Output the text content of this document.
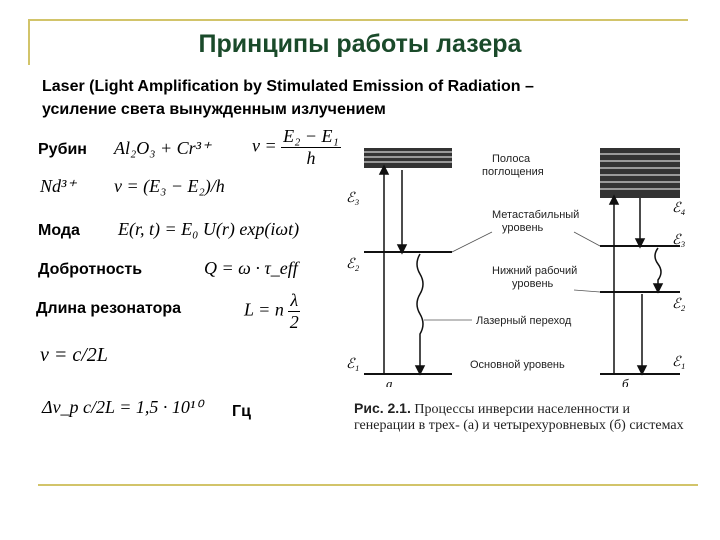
Принципы работы лазера
Laser (Light Amplification by Stimulated Emission of Radiation –
усиление света вынужденным излучением
Рубин Al₂O₃ + Cr³⁺ $\nu = \frac{\text{E₂ − E₁}}{h}$
Nd³⁺ ν = (E₃ − E₂)/h
Мода E(r, t) = E₀ U(r) exp(iωt)
Добротность	Q = ω · τ_eff
Длина резонатора	L = n $\frac{\lambda}{2}$
ν = c/2L
Δν_p c/2L = 1,5 · 10¹⁰ Гц
ℰ₃
ℰ₂
ℰ₁
а
ℰ₄
ℰ₃
ℰ₂
ℰ₁
б
Полоса
поглощения
Метастабильный
уровень
Нижний рабочий
уровень
Лазерный переход
Основной уровень
Рис. 2.1. Процессы инверсии населенности и генерации в трех- (а) и четырехуровневых (б) системах
